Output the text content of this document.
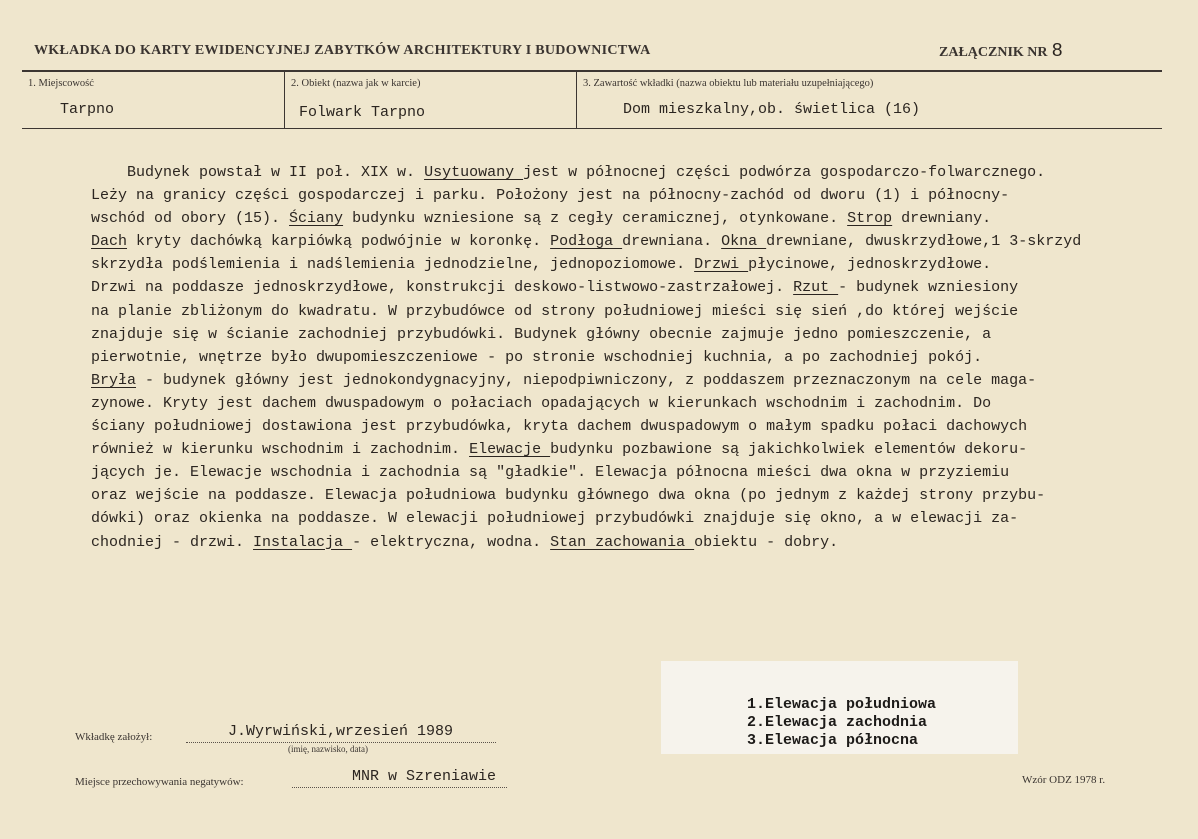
WKŁADKA DO KARTY EWIDENCYJNEJ ZABYTKÓW ARCHITEKTURY I BUDOWNICTWA	ZAŁĄCZNIK NR 8
1. Miejscowość
Tarpno
2. Obiekt (nazwa jak w karcie)
Folwark Tarpno
3. Zawartość wkładki (nazwa obiektu lub materiału uzupełniającego)
Dom mieszkalny,ob. świetlica (16)
Budynek powstał w II poł. XIX w. Usytuowany jest w północnej części podwórza gospodarczo-folwarcznego.
Leży na granicy części gospodarczej i parku. Położony jest na północny-zachód od dworu (1) i północny-
wschód od obory (15). Ściany budynku wzniesione są z cegły ceramicznej, otynkowane. Strop drewniany.
Dach kryty dachówką karpiówką podwójnie w koronkę. Podłoga drewniana. Okna drewniane, dwuskrzydłowe,1 3-skrzyd
skrzydła podślemienia i nadślemienia jednodzielne, jednopoziomowe. Drzwi płycinowe, jednoskrzydłowe.
Drzwi na poddasze jednoskrzydłowe, konstrukcji deskowo-listwowo-zastrzałowej. Rzut - budynek wzniesiony
na planie zbliżonym do kwadratu. W przybudówce od strony południowej mieści się sień ,do której wejście
znajduje się w ścianie zachodniej przybudówki. Budynek główny obecnie zajmuje jedno pomieszczenie, a
pierwotnie, wnętrze było dwupomieszczeniowe - po stronie wschodniej kuchnia, a po zachodniej pokój.
Bryła - budynek główny jest jednokondygnacyjny, niepodpiwniczony, z poddaszem przeznaczonym na cele maga-
zynowe. Kryty jest dachem dwuspadowym o połaciach opadających w kierunkach wschodnim i zachodnim. Do
ściany południowej dostawiona jest przybudówka, kryta dachem dwuspadowym o małym spadku połaci dachowych
również w kierunku wschodnim i zachodnim. Elewacje budynku pozbawione są jakichkolwiek elementów dekoru-
jących je. Elewacje wschodnia i zachodnia są "gładkie". Elewacja północna mieści dwa okna w przyziemiu
oraz wejście na poddasze. Elewacja południowa budynku głównego dwa okna (po jednym z każdej strony przybu-
dówki) oraz okienka na poddasze. W elewacji południowej przybudówki znajduje się okno, a w elewacji za-
chodniej - drzwi. Instalacja - elektryczna, wodna. Stan zachowania obiektu - dobry.
1.Elewacja południowa
2.Elewacja zachodnia
3.Elewacja północna
Wkładkę założył:	J.Wyrwiński,wrzesień 1989
(imię, nazwisko, data)
Miejsce przechowywania negatywów:	MNR w Szreniawie	Wzór ODZ 1978 r.
